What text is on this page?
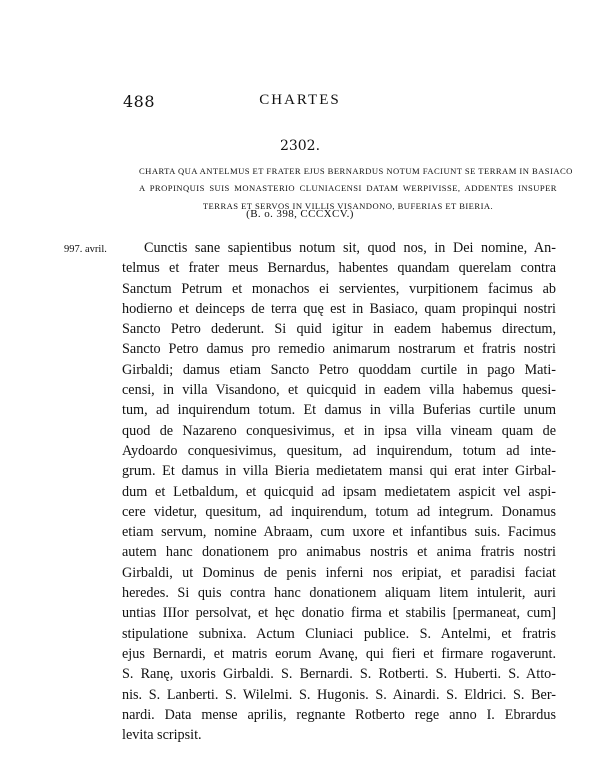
488	CHARTES
2302.
CHARTA QUA ANTELMUS ET FRATER EJUS BERNARDUS NOTUM FACIUNT SE TERRAM IN BASIACO
A PROPINQUIS SUIS MONASTERIO CLUNIACENSI DATAM WERPIVISSE, ADDENTES INSUPER
TERRAS ET SERVOS IN VILLIS VISANDONO, BUFERIAS ET BIERIA.
(B. o. 398, CCCXCV.)
997. avril.	Cunctis sane sapientibus notum sit, quod nos, in Dei nomine, An-
telmus et frater meus Bernardus, habentes quandam querelam contra
Sanctum Petrum et monachos ei servientes, vurpitionem facimus ab
hodierno et deinceps de terra quę est in Basiaco, quam propinqui nostri
Sancto Petro dederunt. Si quid igitur in eadem habemus directum,
Sancto Petro damus pro remedio animarum nostrarum et fratris nostri
Girbaldi; damus etiam Sancto Petro quoddam curtile in pago Mati-
censi, in villa Visandono, et quicquid in eadem villa habemus quesi-
tum, ad inquirendum totum. Et damus in villa Buferias curtile unum
quod de Nazareno conquesivimus, et in ipsa villa vineam quam de
Aydoardo conquesivimus, quesitum, ad inquirendum, totum ad inte-
grum. Et damus in villa Bieria medietatem mansi qui erat inter Girbal-
dum et Letbaldum, et quicquid ad ipsam medietatem aspicit vel aspi-
cere videtur, quesitum, ad inquirendum, totum ad integrum. Donamus
etiam servum, nomine Abraam, cum uxore et infantibus suis. Facimus
autem hanc donationem pro animabus nostris et anima fratris nostri
Girbaldi, ut Dominus de penis inferni nos eripiat, et paradisi faciat
heredes. Si quis contra hanc donationem aliquam litem intulerit, auri
untias IIIor persolvat, et hęc donatio firma et stabilis [permaneat, cum]
stipulatione subnixa. Actum Cluniaci publice. S. Antelmi, et fratris
ejus Bernardi, et matris eorum Avanę, qui fieri et firmare rogaverunt.
S. Ranę, uxoris Girbaldi. S. Bernardi. S. Rotberti. S. Huberti. S. Atto-
nis. S. Lanberti. S. Wilelmi. S. Hugonis. S. Ainardi. S. Eldrici. S. Ber-
nardi. Data mense aprilis, regnante Rotberto rege anno I. Ebrardus
levita scripsit.
